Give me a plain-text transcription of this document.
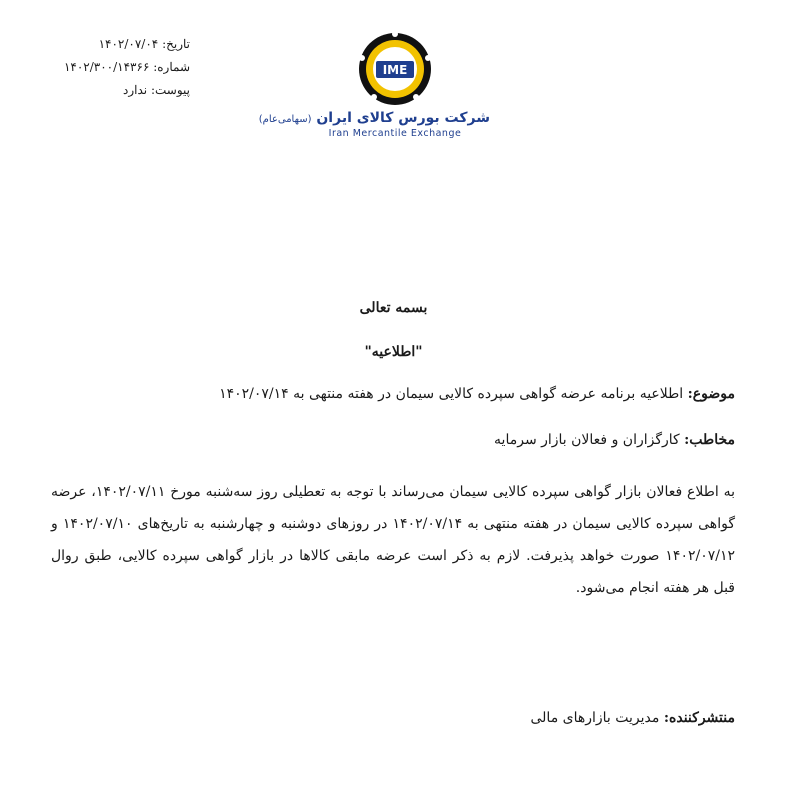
تاریخ: ۱۴۰۲/۰۷/۰۴
شماره: ۱۴۰۲/۳۰۰/۱۴۳۶۶
پیوست: ندارد
IME
شرکت بورس کالای ایران (سهامی‌عام)
Iran Mercantile Exchange
بسمه تعالی
"اطلاعیه"
موضوع: اطلاعیه برنامه عرضه گواهی سپرده کالایی سیمان در هفته منتهی به ۱۴۰۲/۰۷/۱۴
مخاطب: کارگزاران و فعالان بازار سرمایه
به اطلاع فعالان بازار گواهی سپرده کالایی سیمان می‌رساند با توجه به تعطیلی روز سه‌شنبه مورخ ۱۴۰۲/۰۷/۱۱، عرضه گواهی سپرده کالایی سیمان در هفته منتهی به ۱۴۰۲/۰۷/۱۴ در روزهای دوشنبه و چهارشنبه به تاریخ‌های ۱۴۰۲/۰۷/۱۰ و ۱۴۰۲/۰۷/۱۲ صورت خواهد پذیرفت. لازم به ذکر است عرضه مابقی کالاها در بازار گواهی سپرده کالایی، طبق روال قبل هر هفته انجام می‌شود.
منتشرکننده: مدیریت بازارهای مالی
